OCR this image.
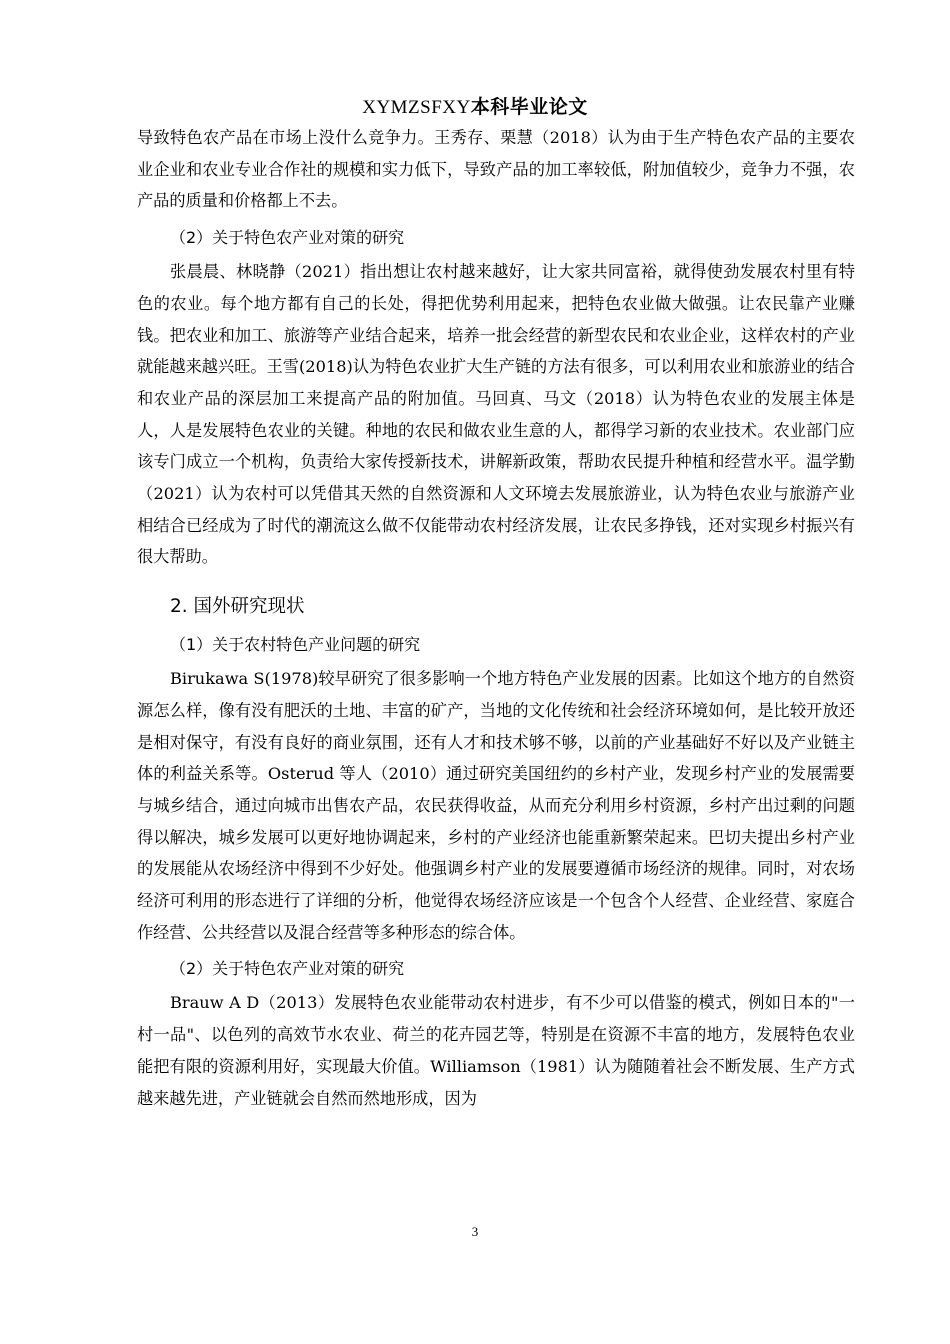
XYMZSFXY本科毕业论文

导致特色农产品在市场上没什么竞争力。王秀存、栗慧（2018）认为由于生产特色农产品的主要农业企业和农业专业合作社的规模和实力低下，导致产品的加工率较低，附加值较少，竞争力不强，农产品的质量和价格都上不去。

（2）关于特色农产业对策的研究

张晨晨、林晓静（2021）指出想让农村越来越好，让大家共同富裕，就得使劲发展农村里有特色的农业。每个地方都有自己的长处，得把优势利用起来，把特色农业做大做强。让农民靠产业赚钱。把农业和加工、旅游等产业结合起来，培养一批会经营的新型农民和农业企业，这样农村的产业就能越来越兴旺。王雪(2018)认为特色农业扩大生产链的方法有很多，可以利用农业和旅游业的结合和农业产品的深层加工来提高产品的附加值。马回真、马文（2018）认为特色农业的发展主体是人，人是发展特色农业的关键。种地的农民和做农业生意的人，都得学习新的农业技术。农业部门应该专门成立一个机构，负责给大家传授新技术，讲解新政策，帮助农民提升种植和经营水平。温学勤（2021）认为农村可以凭借其天然的自然资源和人文环境去发展旅游业，认为特色农业与旅游产业相结合已经成为了时代的潮流这么做不仅能带动农村经济发展，让农民多挣钱，还对实现乡村振兴有很大帮助。

2. 国外研究现状

（1）关于农村特色产业问题的研究

Birukawa S(1978)较早研究了很多影响一个地方特色产业发展的因素。比如这个地方的自然资源怎么样，像有没有肥沃的土地、丰富的矿产，当地的文化传统和社会经济环境如何，是比较开放还是相对保守，有没有良好的商业氛围，还有人才和技术够不够，以前的产业基础好不好以及产业链主体的利益关系等。Osterud 等人（2010）通过研究美国纽约的乡村产业，发现乡村产业的发展需要与城乡结合，通过向城市出售农产品，农民获得收益，从而充分利用乡村资源，乡村产出过剩的问题得以解决，城乡发展可以更好地协调起来，乡村的产业经济也能重新繁荣起来。巴切夫提出乡村产业的发展能从农场经济中得到不少好处。他强调乡村产业的发展要遵循市场经济的规律。同时，对农场经济可利用的形态进行了详细的分析，他觉得农场经济应该是一个包含个人经营、企业经营、家庭合作经营、公共经营以及混合经营等多种形态的综合体。

（2）关于特色农产业对策的研究

Brauw A D（2013）发展特色农业能带动农村进步，有不少可以借鉴的模式，例如日本的"一村一品"、以色列的高效节水农业、荷兰的花卉园艺等，特别是在资源不丰富的地方，发展特色农业能把有限的资源利用好，实现最大价值。Williamson（1981）认为随随着社会不断发展、生产方式越来越先进，产业链就会自然而然地形成，因为

3
